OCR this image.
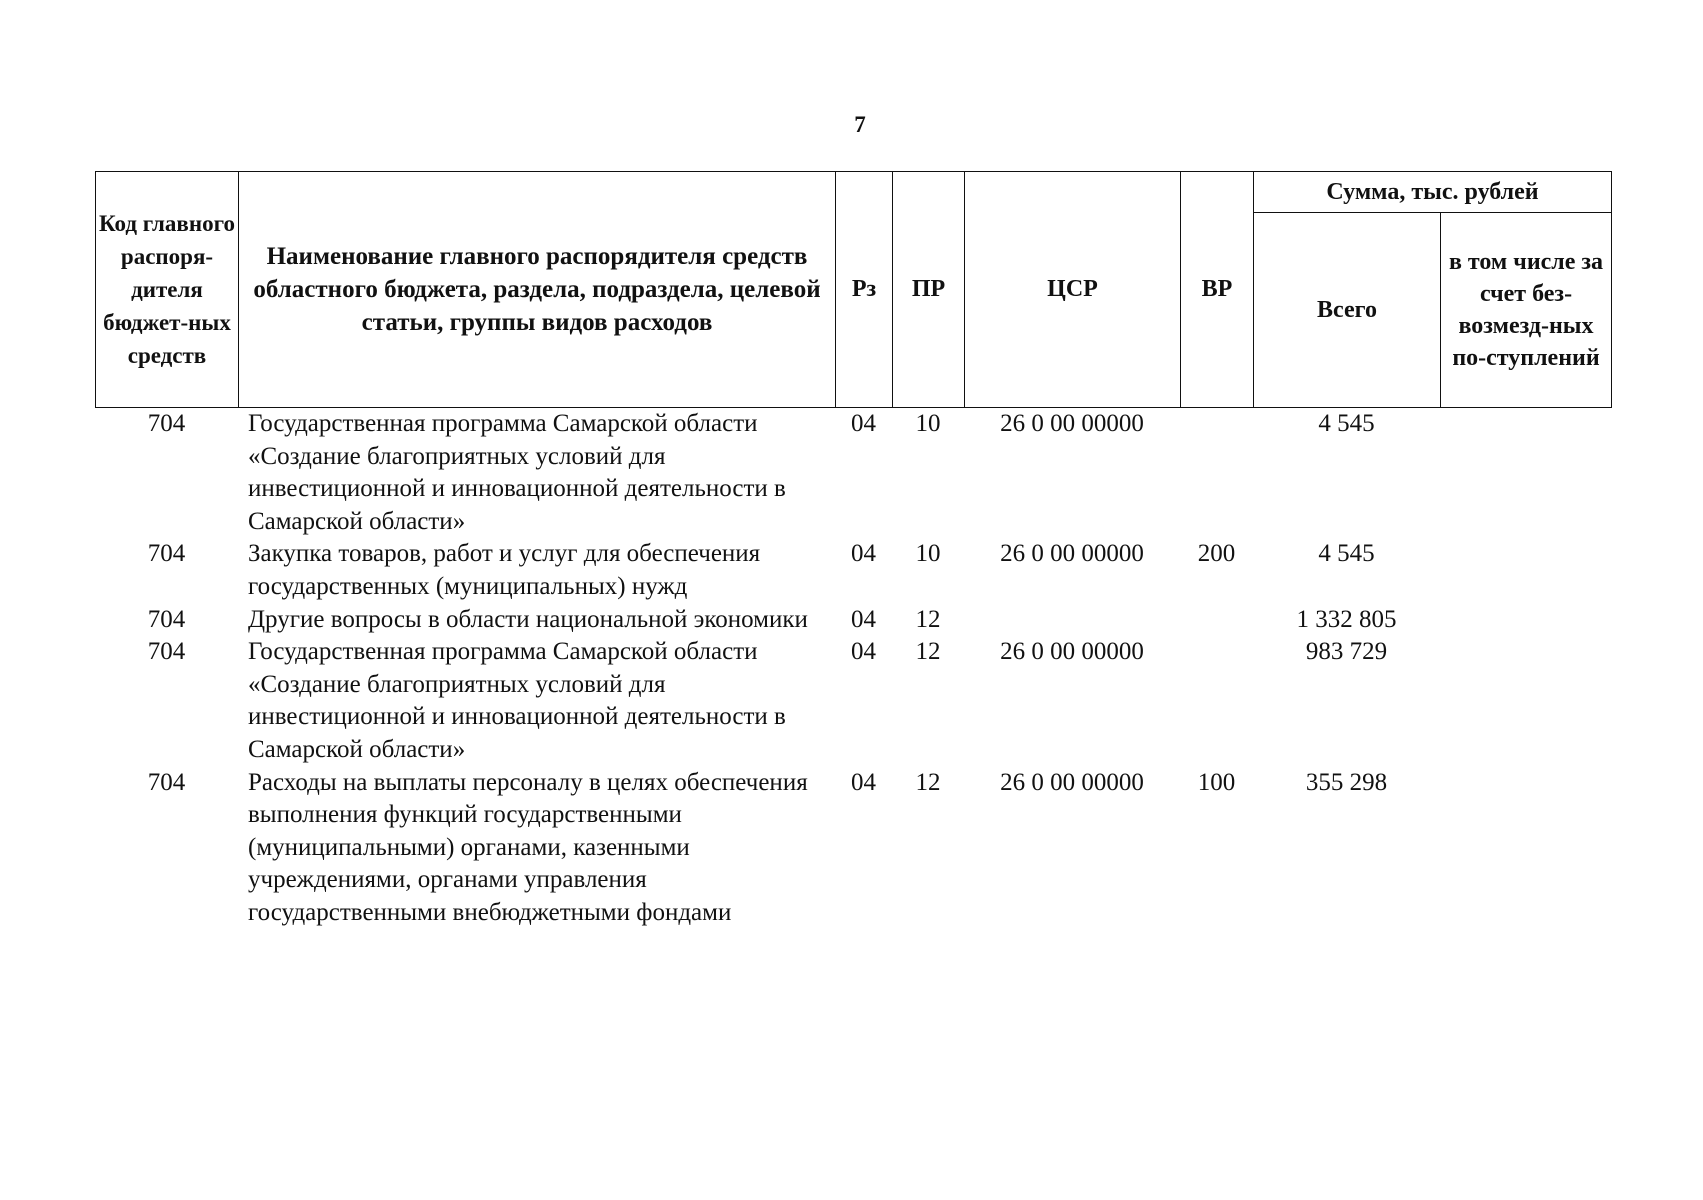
7
Код главного распоря-дителя бюджет-ных средств	Наименование главного распорядителя средств областного бюджета, раздела, подраздела, целевой статьи, группы видов расходов	Рз	ПР	ЦСР	ВР	Сумма, тыс. рублей	
						Всего	в том числе за счет без-возмезд-ных по-ступлений
704	Государственная программа Самарской области «Создание благоприятных условий для инвестиционной и инновационной деятельности в Самарской области»	04	10	26 0 00 00000		4 545	
704	Закупка товаров, работ и услуг для обеспечения государственных (муниципальных) нужд	04	10	26 0 00 00000	200	4 545	
704	Другие вопросы в области национальной экономики	04	12			1 332 805	
704	Государственная программа Самарской области «Создание благоприятных условий для инвестиционной и инновационной деятельности в Самарской области»	04	12	26 0 00 00000		983 729	
704	Расходы на выплаты персоналу в целях обеспечения выполнения функций государственными (муниципальными) органами, казенными учреждениями, органами управления государственными внебюджетными фондами	04	12	26 0 00 00000	100	355 298	
